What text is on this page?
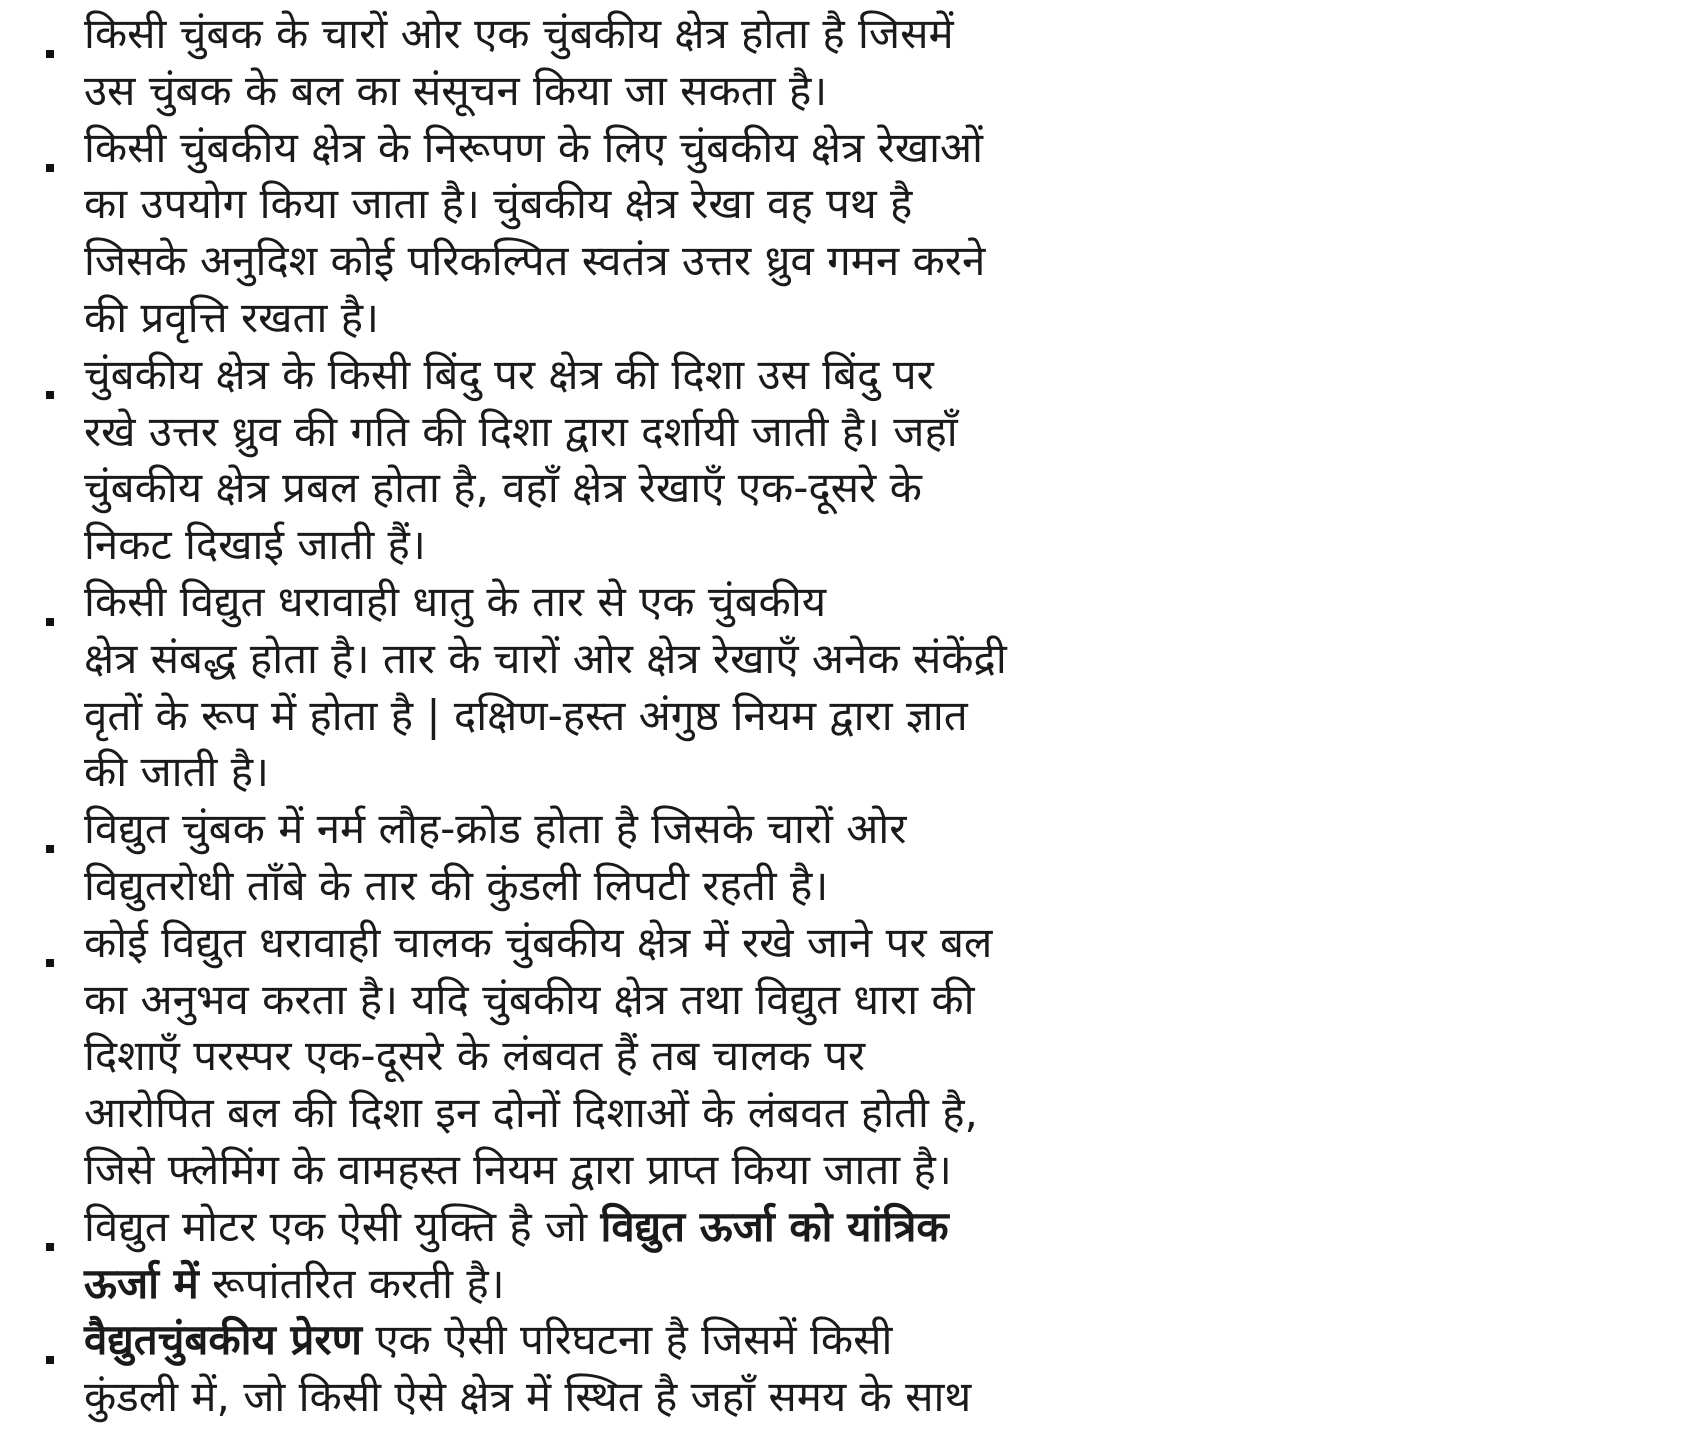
किसी चुंबक के चारों ओर एक चुंबकीय क्षेत्र होता है जिसमें
उस चुंबक के बल का संसूचन किया जा सकता है।
किसी चुंबकीय क्षेत्र के निरूपण के लिए चुंबकीय क्षेत्र रेखाओं
का उपयोग किया जाता है। चुंबकीय क्षेत्र रेखा वह पथ है
जिसके अनुदिश कोई परिकल्पित स्वतंत्र उत्तर ध्रुव गमन करने
की प्रवृत्ति रखता है।
चुंबकीय क्षेत्र के किसी बिंदु पर क्षेत्र की दिशा उस बिंदु पर
रखे उत्तर ध्रुव की गति की दिशा द्वारा दर्शायी जाती है। जहाँ
चुंबकीय क्षेत्र प्रबल होता है, वहाँ क्षेत्र रेखाएँ एक-दूसरे के
निकट दिखाई जाती हैं।
किसी विद्युत धरावाही धातु के तार से एक चुंबकीय
क्षेत्र संबद्ध होता है। तार के चारों ओर क्षेत्र रेखाएँ अनेक संकेंद्री
वृतों के रूप में होता है | दक्षिण-हस्त अंगुष्ठ नियम द्वारा ज्ञात
की जाती है।
विद्युत चुंबक में नर्म लौह-क्रोड होता है जिसके चारों ओर
विद्युतरोधी ताँबे के तार की कुंडली लिपटी रहती है।
कोई विद्युत धरावाही चालक चुंबकीय क्षेत्र में रखे जाने पर बल
का अनुभव करता है। यदि चुंबकीय क्षेत्र तथा विद्युत धारा की
दिशाएँ परस्पर एक-दूसरे के लंबवत हैं तब चालक पर
आरोपित बल की दिशा इन दोनों दिशाओं के लंबवत होती है,
जिसे फ्लेमिंग के वामहस्त नियम द्वारा प्राप्त किया जाता है।
विद्युत मोटर एक ऐसी युक्ति है जो विद्युत ऊर्जा को यांत्रिक
ऊर्जा में रूपांतरित करती है।
वैद्युतचुंबकीय प्रेरण एक ऐसी परिघटना है जिसमें किसी
कुंडली में, जो किसी ऐसे क्षेत्र में स्थित है जहाँ समय के साथ
